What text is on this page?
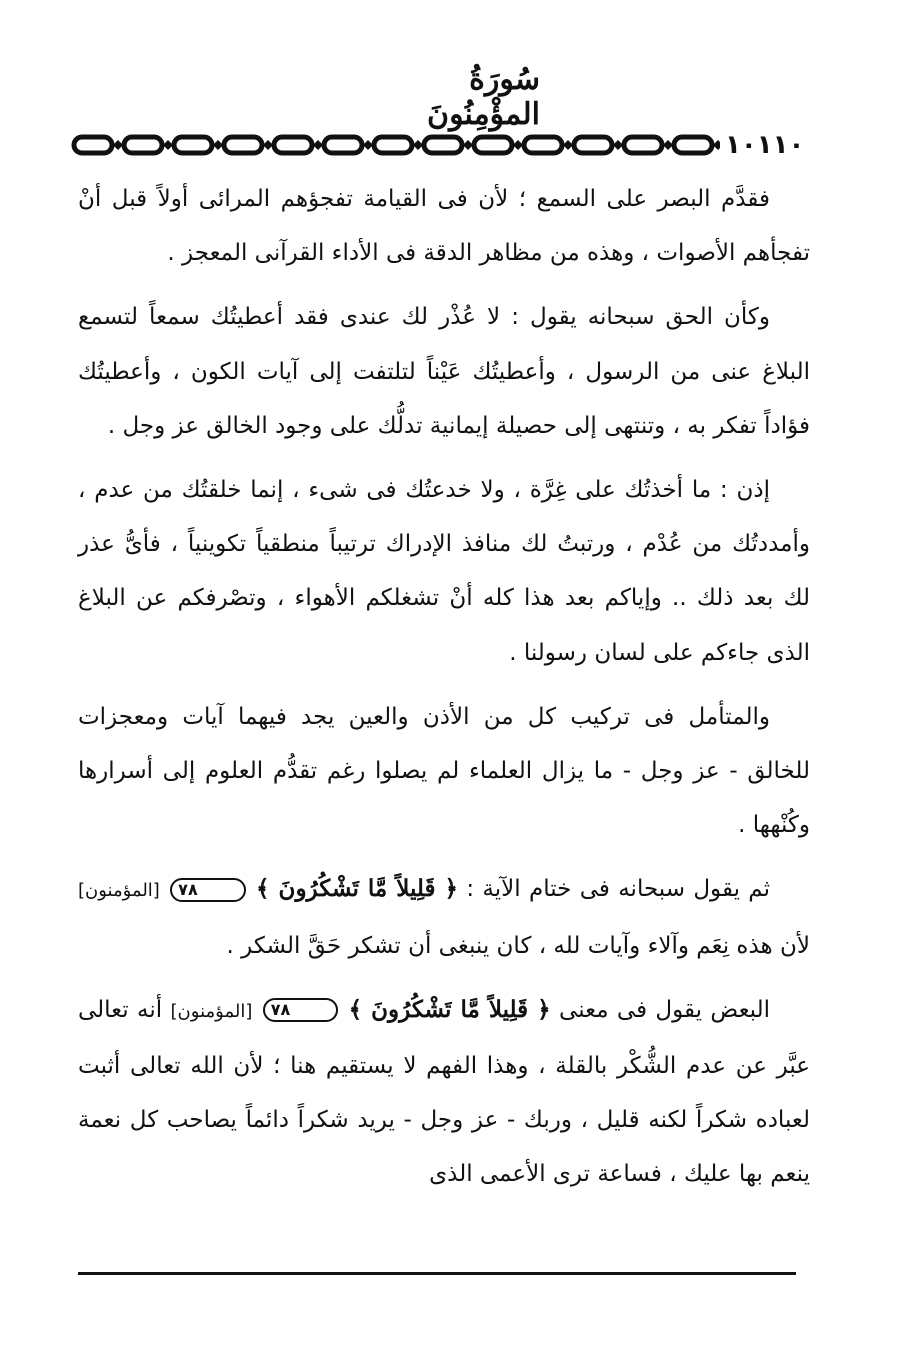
سُورَةُ المؤْمِنُونَ
١٠١١٠

فقدَّم البصر على السمع ؛ لأن فى القيامة تفجؤهم المرائى أولاً قبل أنْ تفجأهم الأصوات ، وهذه من مظاهر الدقة فى الأداء القرآنى المعجز .

وكأن الحق سبحانه يقول : لا عُذْر لك عندى فقد أعطيتُك سمعاً لتسمع البلاغ عنى من الرسول ، وأعطيتُك عَيْناً لتلتفت إلى آيات الكون ، وأعطيتُك فؤاداً تفكر به ، وتنتهى إلى حصيلة إيمانية تدلُّك على وجود الخالق عز وجل .

إذن : ما أخذتُك على غِرَّة ، ولا خدعتُك فى شىء ، إنما خلقتُك من عدم ، وأمددتُك من عُدْم ، ورتبتُ لك منافذ الإدراك ترتيباً منطقياً تكوينياً ، فأىُّ عذر لك بعد ذلك .. وإياكم بعد هذا كله أنْ تشغلكم الأهواء ، وتصْرفكم عن البلاغ الذى جاءكم على لسان رسولنا .

والمتأمل فى تركيب كل من الأذن والعين يجد فيهما آيات ومعجزات للخالق - عز وجل - ما يزال العلماء لم يصلوا رغم تقدُّم العلوم إلى أسرارها وكُنْهها .

ثم يقول سبحانه فى ختام الآية : ﴿ قَلِيلاً مَّا تَشْكُرُونَ ﴾ ٧٨ [المؤمنون] لأن هذه نِعَم وآلاء وآيات لله ، كان ينبغى أن تشكر حَقَّ الشكر .

البعض يقول فى معنى ﴿ قَلِيلاً مَّا تَشْكُرُونَ ﴾ ٧٨ [المؤمنون] أنه تعالى عبَّر عن عدم الشُّكْر بالقلة ، وهذا الفهم لا يستقيم هنا ؛ لأن الله تعالى أثبت لعباده شكراً لكنه قليل ، وربك - عز وجل - يريد شكراً دائماً يصاحب كل نعمة ينعم بها عليك ، فساعة ترى الأعمى الذى
